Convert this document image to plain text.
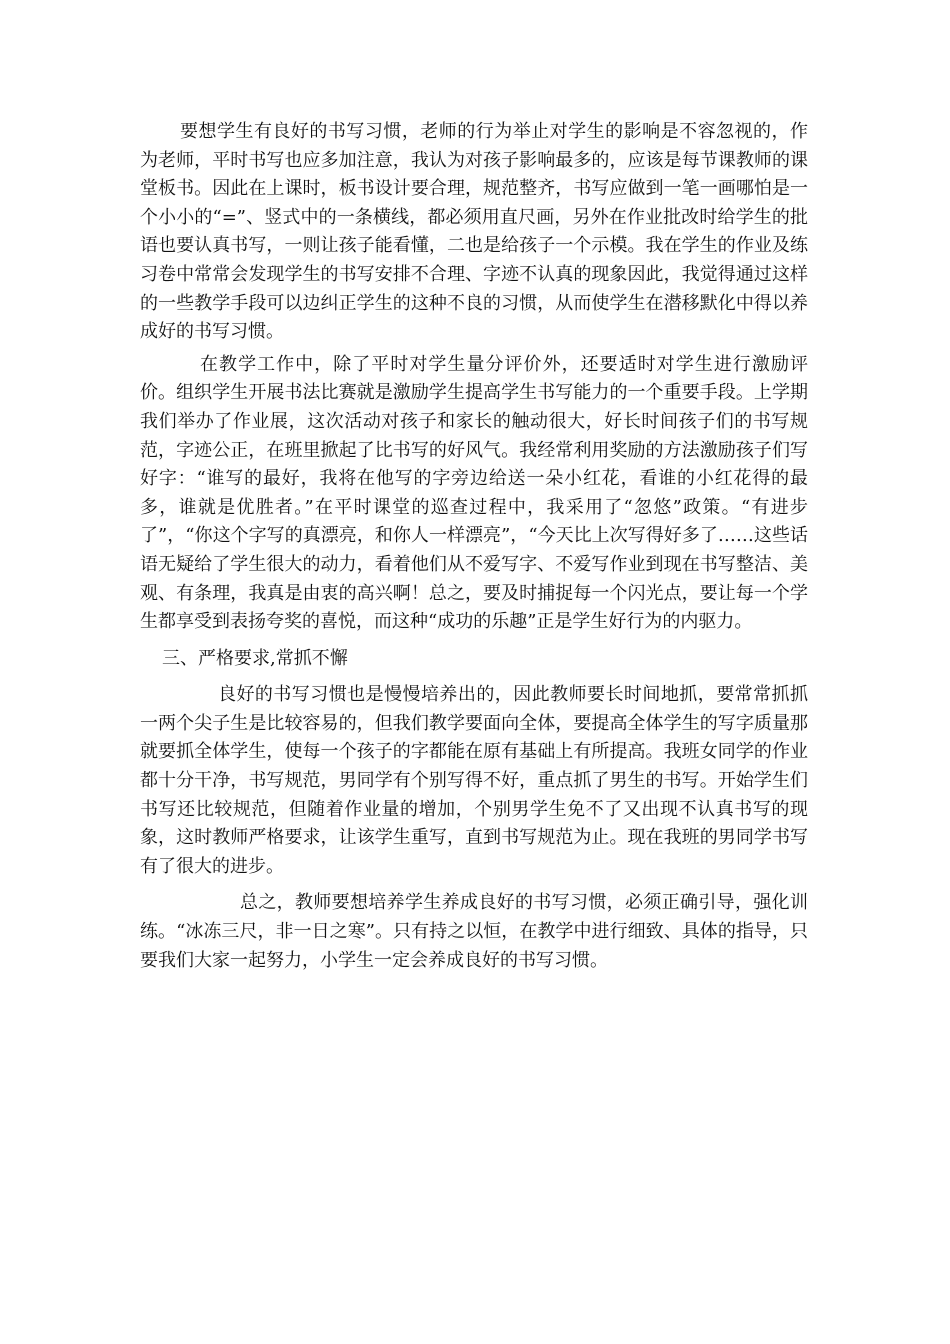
要想学生有良好的书写习惯，老师的行为举止对学生的影响是不容忽视的，作为老师，平时书写也应多加注意，我认为对孩子影响最多的，应该是每节课教师的课堂板书。因此在上课时，板书设计要合理，规范整齐，书写应做到一笔一画哪怕是一个小小的“=”、竖式中的一条横线，都必须用直尺画，另外在作业批改时给学生的批语也要认真书写，一则让孩子能看懂，二也是给孩子一个示模。我在学生的作业及练习卷中常常会发现学生的书写安排不合理、字迹不认真的现象因此，我觉得通过这样的一些教学手段可以边纠正学生的这种不良的习惯，从而使学生在潜移默化中得以养成好的书写习惯。

在教学工作中，除了平时对学生量分评价外，还要适时对学生进行激励评价。组织学生开展书法比赛就是激励学生提高学生书写能力的一个重要手段。上学期我们举办了作业展，这次活动对孩子和家长的触动很大，好长时间孩子们的书写规范，字迹公正，在班里掀起了比书写的好风气。我经常利用奖励的方法激励孩子们写好字：“谁写的最好，我将在他写的字旁边给送一朵小红花，看谁的小红花得的最多，谁就是优胜者。”在平时课堂的巡查过程中，我采用了“忽悠”政策。“有进步了”，“你这个字写的真漂亮，和你人一样漂亮”，“今天比上次写得好多了……这些话语无疑给了学生很大的动力，看着他们从不爱写字、不爱写作业到现在书写整洁、美观、有条理，我真是由衷的高兴啊！总之，要及时捕捉每一个闪光点，要让每一个学生都享受到表扬夸奖的喜悦，而这种“成功的乐趣”正是学生好行为的内驱力。

三、严格要求,常抓不懈

良好的书写习惯也是慢慢培养出的，因此教师要长时间地抓，要常常抓抓一两个尖子生是比较容易的，但我们教学要面向全体，要提高全体学生的写字质量那就要抓全体学生，使每一个孩子的字都能在原有基础上有所提高。我班女同学的作业都十分干净，书写规范，男同学有个别写得不好，重点抓了男生的书写。开始学生们书写还比较规范，但随着作业量的增加，个别男学生免不了又出现不认真书写的现象，这时教师严格要求，让该学生重写，直到书写规范为止。现在我班的男同学书写有了很大的进步。

总之，教师要想培养学生养成良好的书写习惯，必须正确引导，强化训练。“冰冻三尺，非一日之寒”。只有持之以恒，在教学中进行细致、具体的指导，只要我们大家一起努力，小学生一定会养成良好的书写习惯。
